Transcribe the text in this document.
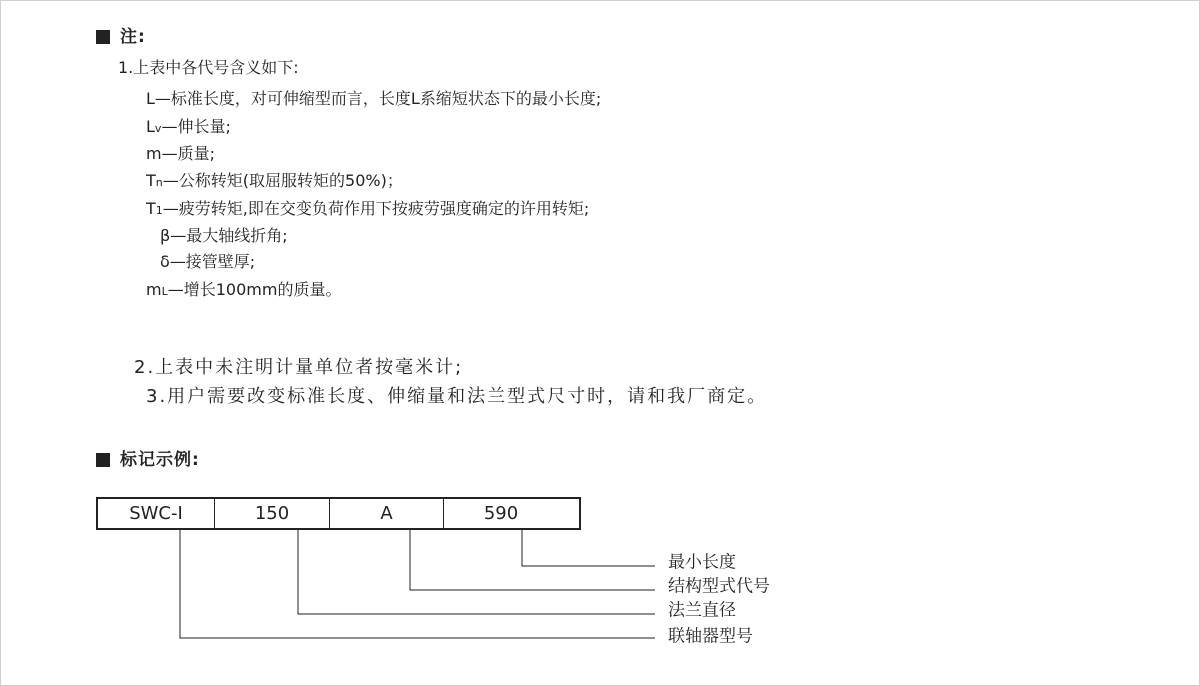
注:
1.上表中各代号含义如下:
L—标准长度，对可伸缩型而言，长度L系缩短状态下的最小长度;
Lv—伸长量;
m—质量;
Tn—公称转矩(取屈服转矩的50%)；
T1—疲劳转矩,即在交变负荷作用下按疲劳强度确定的许用转矩;
β—最大轴线折角;
δ—接管壁厚;
mL—增长100mm的质量。
2.上表中未注明计量单位者按毫米计;
3.用户需要改变标准长度、伸缩量和法兰型式尺寸时，请和我厂商定。
标记示例:
SWC-Ⅰ	150	A	590
最小长度
结构型式代号
法兰直径
联轴器型号
